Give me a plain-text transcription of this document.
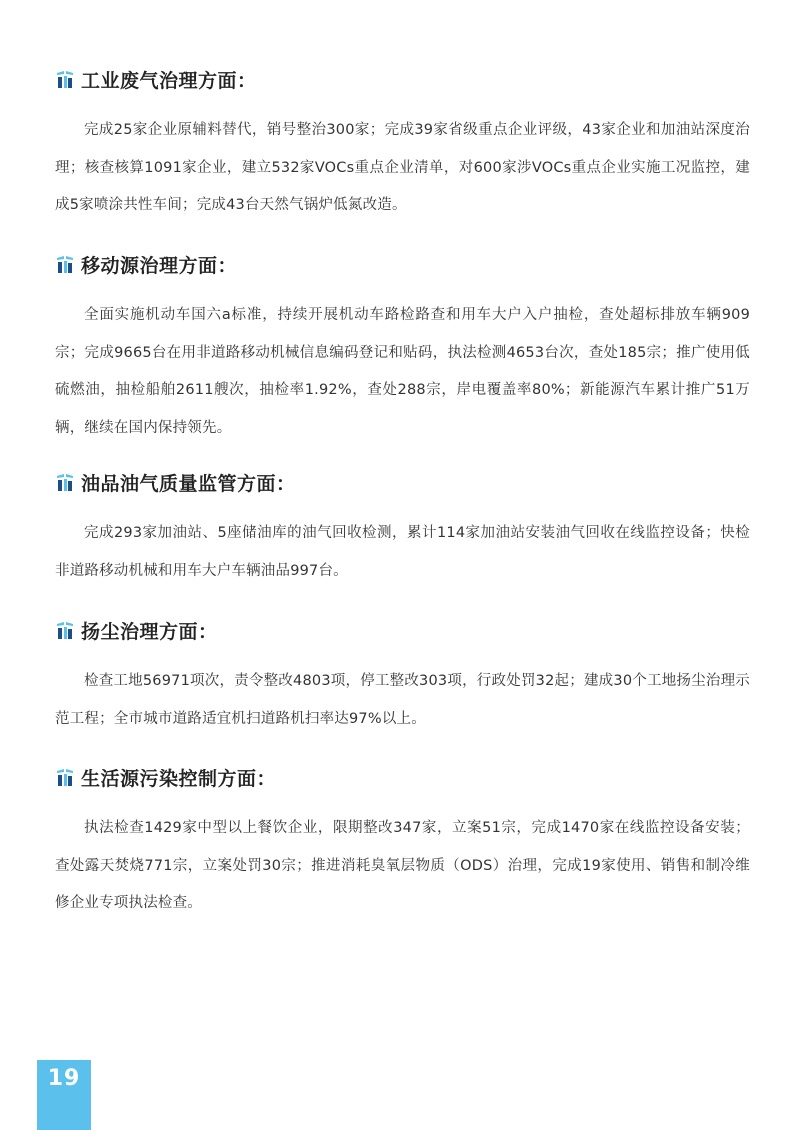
工业废气治理方面：

完成25家企业原辅料替代，销号整治300家；完成39家省级重点企业评级，43家企业和加油站深度治理；核查核算1091家企业，建立532家VOCs重点企业清单，对600家涉VOCs重点企业实施工况监控，建成5家喷涂共性车间；完成43台天然气锅炉低氮改造。

移动源治理方面：

全面实施机动车国六a标准，持续开展机动车路检路查和用车大户入户抽检，查处超标排放车辆909宗；完成9665台在用非道路移动机械信息编码登记和贴码，执法检测4653台次，查处185宗；推广使用低硫燃油，抽检船舶2611艘次，抽检率1.92%，查处288宗，岸电覆盖率80%；新能源汽车累计推广51万辆，继续在国内保持领先。

油品油气质量监管方面：

完成293家加油站、5座储油库的油气回收检测，累计114家加油站安装油气回收在线监控设备；快检非道路移动机械和用车大户车辆油品997台。

扬尘治理方面：

检查工地56971项次，责令整改4803项，停工整改303项，行政处罚32起；建成30个工地扬尘治理示范工程；全市城市道路适宜机扫道路机扫率达97%以上。

生活源污染控制方面：

执法检查1429家中型以上餐饮企业，限期整改347家，立案51宗，完成1470家在线监控设备安装；查处露天焚烧771宗，立案处罚30宗；推进消耗臭氧层物质（ODS）治理，完成19家使用、销售和制冷维修企业专项执法检查。

19
